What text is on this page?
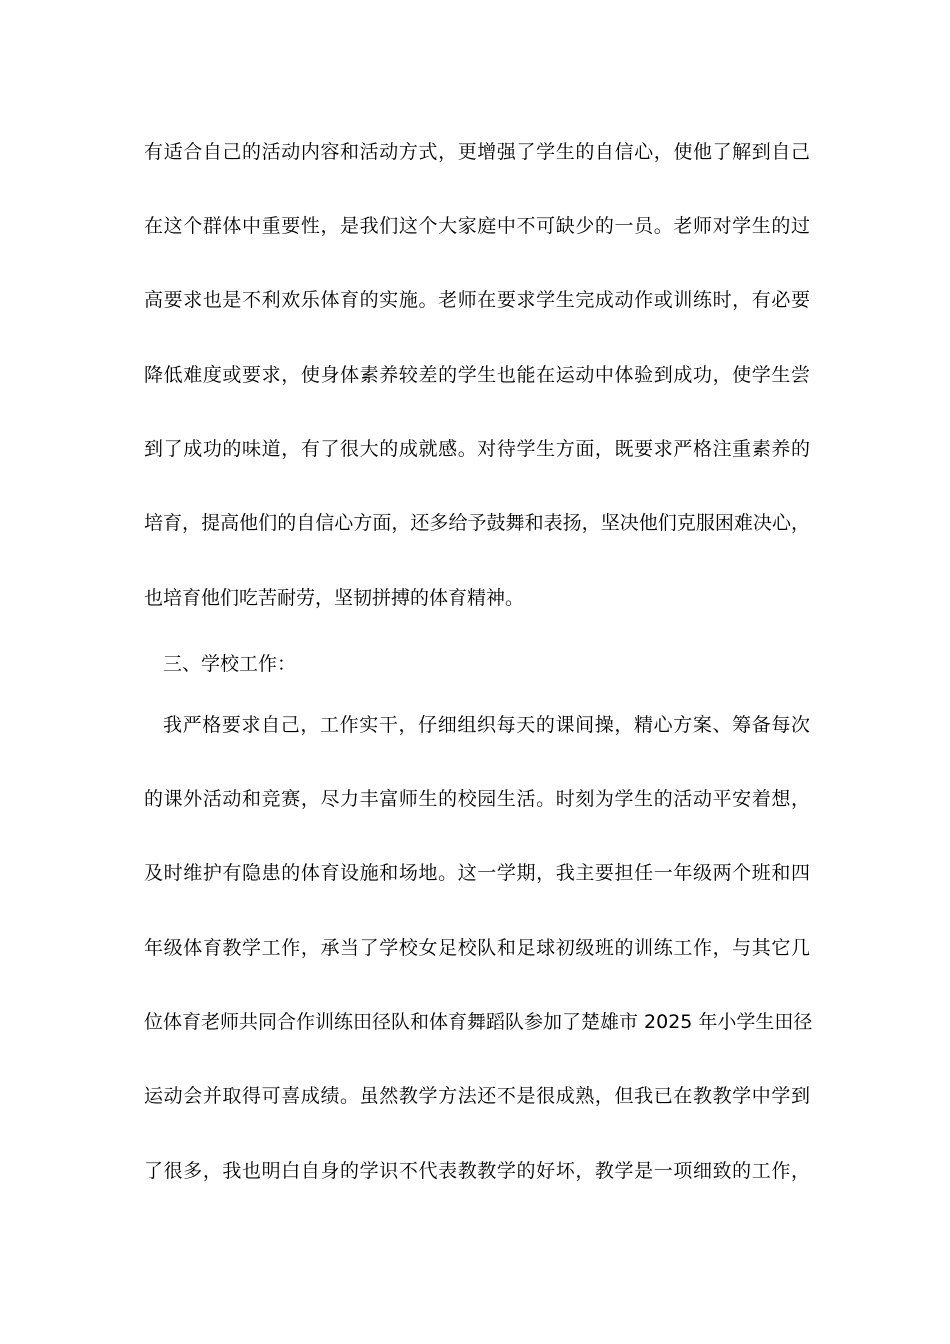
有适合自己的活动内容和活动方式，更增强了学生的自信心，使他了解到自己
在这个群体中重要性，是我们这个大家庭中不可缺少的一员。老师对学生的过
高要求也是不利欢乐体育的实施。老师在要求学生完成动作或训练时，有必要
降低难度或要求，使身体素养较差的学生也能在运动中体验到成功，使学生尝
到了成功的味道，有了很大的成就感。对待学生方面，既要求严格注重素养的
培育，提高他们的自信心方面，还多给予鼓舞和表扬，坚决他们克服困难决心，
也培育他们吃苦耐劳，坚韧拼搏的体育精神。
三、学校工作：
我严格要求自己，工作实干，仔细组织每天的课间操，精心方案、筹备每次
的课外活动和竞赛，尽力丰富师生的校园生活。时刻为学生的活动平安着想，
及时维护有隐患的体育设施和场地。这一学期，我主要担任一年级两个班和四
年级体育教学工作，承当了学校女足校队和足球初级班的训练工作，与其它几
位体育老师共同合作训练田径队和体育舞蹈队参加了楚雄市 2025 年小学生田径
运动会并取得可喜成绩。虽然教学方法还不是很成熟，但我已在教教学中学到
了很多，我也明白自身的学识不代表教教学的好坏，教学是一项细致的工作，
